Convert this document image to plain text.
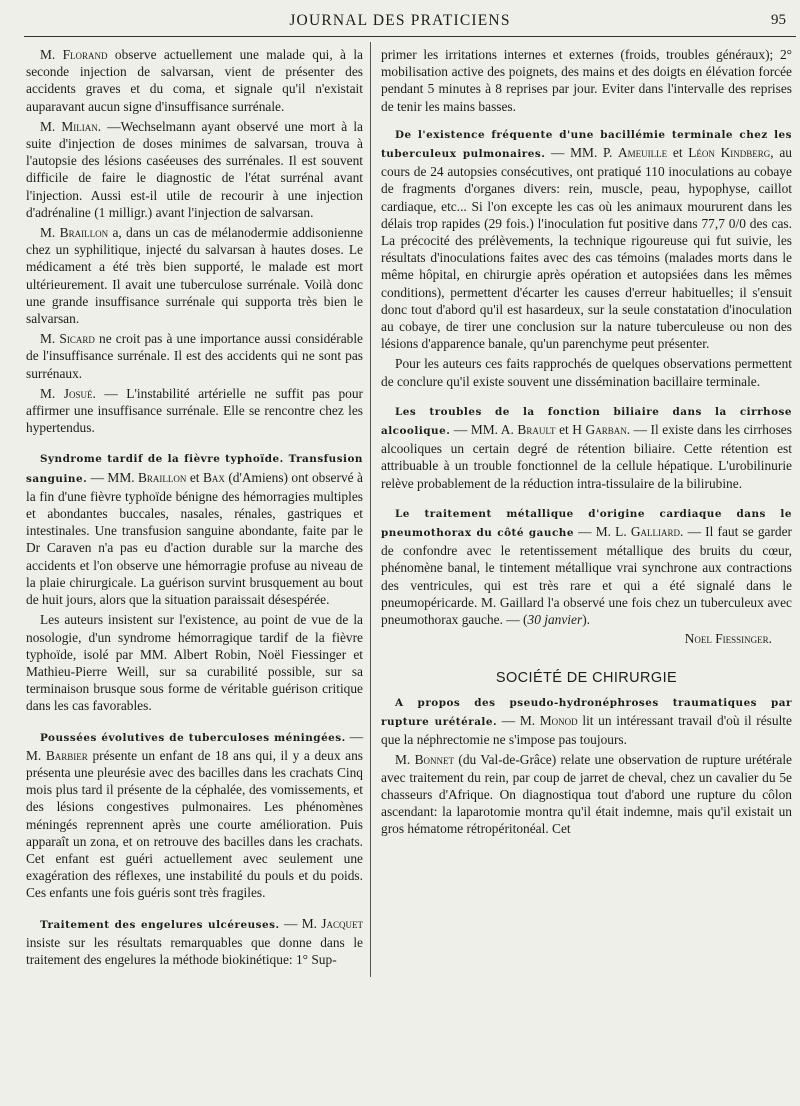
JOURNAL DES PRATICIENS	95

M. Florand observe actuellement une malade qui, à la seconde injection de salvarsan, vient de présenter des accidents graves et du coma, et signale qu'il n'existait auparavant aucun signe d'insuffisance surrénale.

M. Milian. —Wechselmann ayant observé une mort à la suite d'injection de doses minimes de salvarsan, trouva à l'autopsie des lésions caséeuses des surrénales. Il est souvent difficile de faire le diagnostic de l'état surrénal avant l'injection. Aussi est-il utile de recourir à une injection d'adrénaline (1 milligr.) avant l'injection de salvarsan.

M. Braillon a, dans un cas de mélanodermie addisonienne chez un syphilitique, injecté du salvarsan à hautes doses. Le médicament a été très bien supporté, le malade est mort ultérieurement. Il avait une tuberculose surrénale. Voilà donc une grande insuffisance surrénale qui supporta très bien le salvarsan.

M. Sicard ne croit pas à une importance aussi considérable de l'insuffisance surrénale. Il est des accidents qui ne sont pas surrénaux.

M. Josué. — L'instabilité artérielle ne suffit pas pour affirmer une insuffisance surrénale. Elle se rencontre chez les hypertendus.

Syndrome tardif de la fièvre typhoïde. Transfusion sanguine. — MM. Braillon et Bax (d'Amiens) ont observé à la fin d'une fièvre typhoïde bénigne des hémorragies multiples et abondantes buccales, nasales, rénales, gastriques et intestinales. Une transfusion sanguine abondante, faite par le Dr Caraven n'a pas eu d'action durable sur la marche des accidents et l'on observe une hémorragie profuse au niveau de la plaie chirurgicale. La guérison survint brusquement au bout de huit jours, alors que la situation paraissait désespérée.

Les auteurs insistent sur l'existence, au point de vue de la nosologie, d'un syndrome hémorragique tardif de la fièvre typhoïde, isolé par MM. Albert Robin, Noël Fiessinger et Mathieu-Pierre Weill, sur sa curabilité possible, sur sa terminaison brusque sous forme de véritable guérison critique dans les cas favorables.

Poussées évolutives de tuberculoses méningées. — M. Barbier présente un enfant de 18 ans qui, il y a deux ans présenta une pleurésie avec des bacilles dans les crachats Cinq mois plus tard il présente de la céphalée, des vomissements, et des lésions congestives pulmonaires. Les phénomènes méningés reprennent après une courte amélioration. Puis apparaît un zona, et on retrouve des bacilles dans les crachats. Cet enfant est guéri actuellement avec seulement une exagération des réflexes, une instabilité du pouls et du poids. Ces enfants une fois guéris sont très fragiles.

Traitement des engelures ulcéreuses. — M. Jacquet insiste sur les résultats remarquables que donne dans le traitement des engelures la méthode biokinétique: 1° Sup-

primer les irritations internes et externes (froids, troubles généraux); 2° mobilisation active des poignets, des mains et des doigts en élévation forcée pendant 5 minutes à 8 reprises par jour. Eviter dans l'intervalle des reprises de tenir les mains basses.

De l'existence fréquente d'une bacillémie terminale chez les tuberculeux pulmonaires. — MM. P. Ameuille et Léon Kindberg, au cours de 24 autopsies consécutives, ont pratiqué 110 inoculations au cobaye de fragments d'organes divers: rein, muscle, peau, hypophyse, caillot cardiaque, etc... Si l'on excepte les cas où les animaux moururent dans les délais trop rapides (29 fois.) l'inoculation fut positive dans 77,7 0/0 des cas. La précocité des prélèvements, la technique rigoureuse qui fut suivie, les résultats d'inoculations faites avec des cas témoins (malades morts dans le même hôpital, en chirurgie après opération et autopsiées dans les mêmes conditions), permettent d'écarter les causes d'erreur habituelles; il s'ensuit donc tout d'abord qu'il est hasardeux, sur la seule constatation d'inoculation au cobaye, de tirer une conclusion sur la nature tuberculeuse ou non des lésions d'apparence banale, qu'un parenchyme peut présenter.

Pour les auteurs ces faits rapprochés de quelques observations permettent de conclure qu'il existe souvent une dissémination bacillaire terminale.

Les troubles de la fonction biliaire dans la cirrhose alcoolique. — MM. A. Brault et H Garban. — Il existe dans les cirrhoses alcooliques un certain degré de rétention biliaire. Cette rétention est attribuable à un trouble fonctionnel de la cellule hépatique. L'urobilinurie relève probablement de la réduction intra-tissulaire de la bilirubine.

Le traitement métallique d'origine cardiaque dans le pneumothorax du côté gauche — M. L. Galliard. — Il faut se garder de confondre avec le retentissement métallique des bruits du cœur, phénomène banal, le tintement métallique vrai synchrone aux contractions des ventricules, qui est très rare et qui a été signalé dans le pneumopéricarde. M. Gaillard l'a observé une fois chez un tuberculeux avec pneumothorax gauche. — (30 janvier).

Noel Fiessinger.

SOCIÉTÉ DE CHIRURGIE

A propos des pseudo-hydronéphroses traumatiques par rupture urétérale. — M. Monod lit un intéressant travail d'où il résulte que la néphrectomie ne s'impose pas toujours.

M. Bonnet (du Val-de-Grâce) relate une observation de rupture urétérale avec traitement du rein, par coup de jarret de cheval, chez un cavalier du 5e chasseurs d'Afrique. On diagnostiqua tout d'abord une rupture du côlon ascendant: la laparotomie montra qu'il était indemne, mais qu'il existait un gros hématome rétropéritonéal. Cet
